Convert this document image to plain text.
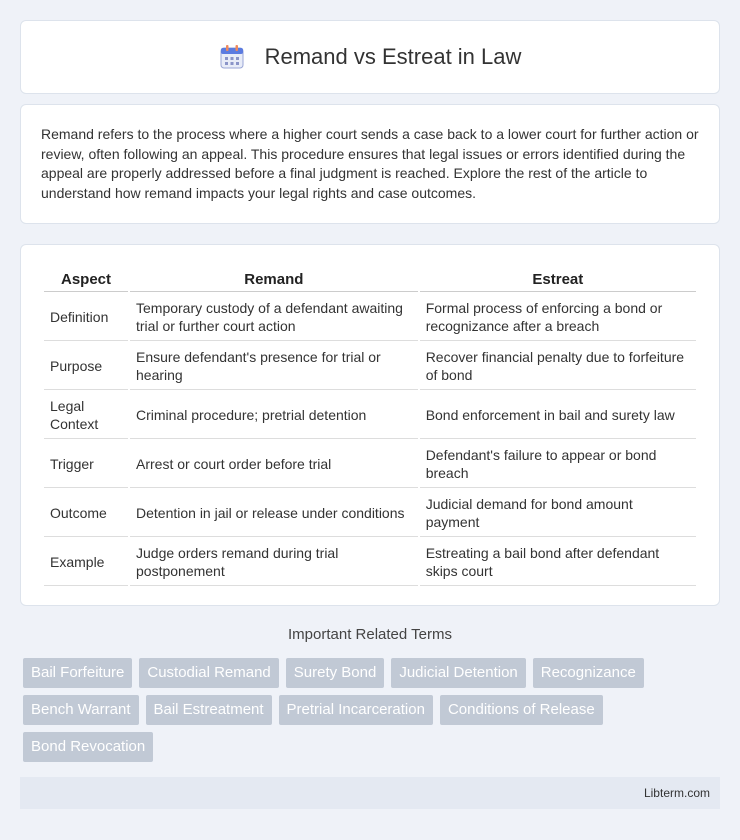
Remand vs Estreat in Law

Remand refers to the process where a higher court sends a case back to a lower court for further action or review, often following an appeal. This procedure ensures that legal issues or errors identified during the appeal are properly addressed before a final judgment is reached. Explore the rest of the article to understand how remand impacts your legal rights and case outcomes.

Aspect	Remand	Estreat
Definition	Temporary custody of a defendant awaiting trial or further court action	Formal process of enforcing a bond or recognizance after a breach
Purpose	Ensure defendant's presence for trial or hearing	Recover financial penalty due to forfeiture of bond
Legal Context	Criminal procedure; pretrial detention	Bond enforcement in bail and surety law
Trigger	Arrest or court order before trial	Defendant's failure to appear or bond breach
Outcome	Detention in jail or release under conditions	Judicial demand for bond amount payment
Example	Judge orders remand during trial postponement	Estreating a bail bond after defendant skips court
Important Related Terms
Bail Forfeiture	Custodial Remand	Surety Bond	Judicial Detention	Recognizance
Bench Warrant	Bail Estreatment	Pretrial Incarceration	Conditions of Release
Bond Revocation
Libterm.com
